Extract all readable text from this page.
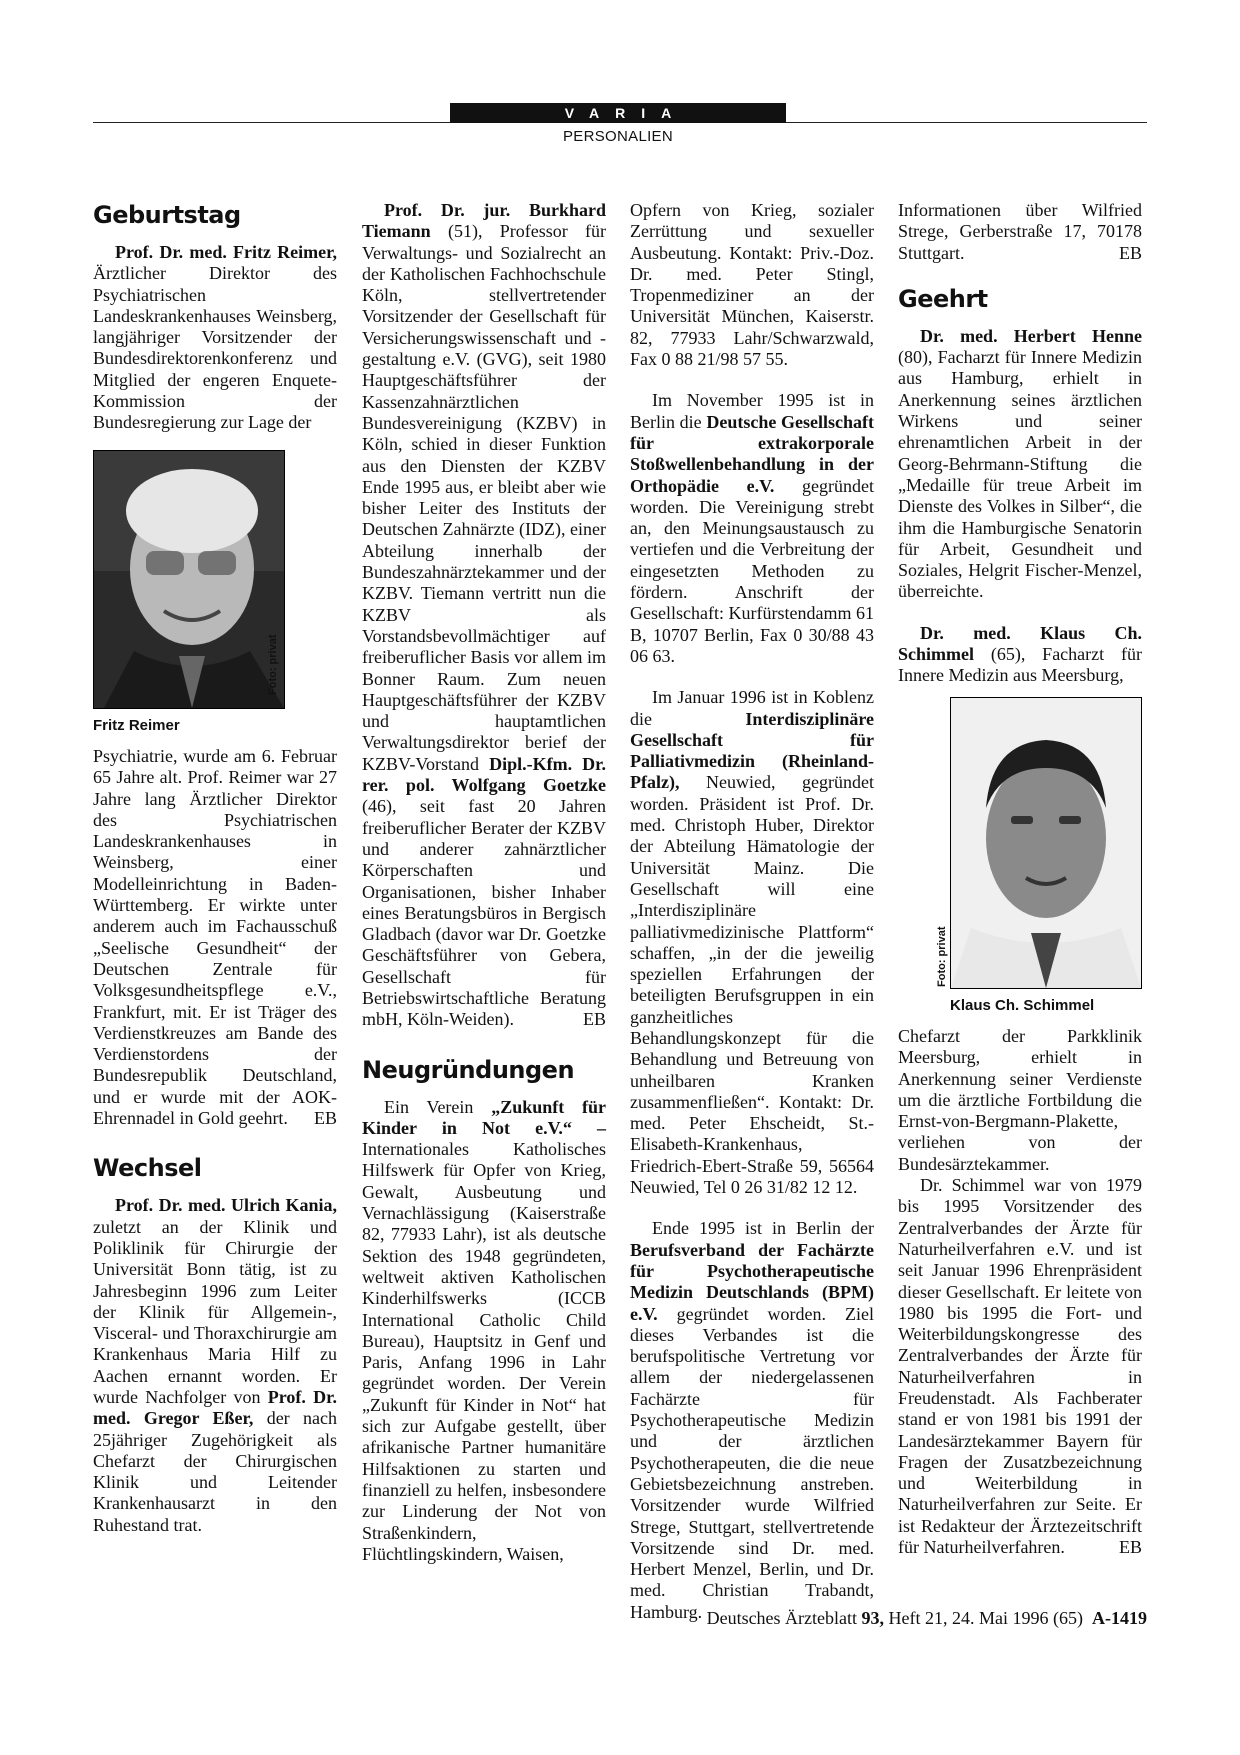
VARIA
PERSONALIEN
Geburtstag

Prof. Dr. med. Fritz Reimer, Ärztlicher Direktor des Psychiatrischen Landeskrankenhauses Weinsberg, langjähriger Vorsitzender der Bundesdirektorenkonferenz und Mitglied der engeren Enquete-Kommission der Bundesregierung zur Lage der

Foto: privat
Fritz Reimer

Psychiatrie, wurde am 6. Februar 65 Jahre alt. Prof. Reimer war 27 Jahre lang Ärztlicher Direktor des Psychiatrischen Landeskrankenhauses in Weinsberg, einer Modelleinrichtung in Baden-Württemberg. Er wirkte unter anderem auch im Fachausschuß „Seelische Gesundheit“ der Deutschen Zentrale für Volksgesundheitspflege e.V., Frankfurt, mit. Er ist Träger des Verdienstkreuzes am Bande des Verdienstordens der Bundesrepublik Deutschland, und er wurde mit der AOK-Ehrennadel in Gold geehrt. EB

Wechsel

Prof. Dr. med. Ulrich Kania, zuletzt an der Klinik und Poliklinik für Chirurgie der Universität Bonn tätig, ist zu Jahresbeginn 1996 zum Leiter der Klinik für Allgemein-, Visceral- und Thoraxchirurgie am Krankenhaus Maria Hilf zu Aachen ernannt worden. Er wurde Nachfolger von Prof. Dr. med. Gregor Eßer, der nach 25jähriger Zugehörigkeit als Chefarzt der Chirurgischen Klinik und Leitender Krankenhausarzt in den Ruhestand trat.

Prof. Dr. jur. Burkhard Tiemann (51), Professor für Verwaltungs- und Sozialrecht an der Katholischen Fachhochschule Köln, stellvertretender Vorsitzender der Gesellschaft für Versicherungswissenschaft und -gestaltung e.V. (GVG), seit 1980 Hauptgeschäftsführer der Kassenzahnärztlichen Bundesvereinigung (KZBV) in Köln, schied in dieser Funktion aus den Diensten der KZBV Ende 1995 aus, er bleibt aber wie bisher Leiter des Instituts der Deutschen Zahnärzte (IDZ), einer Abteilung innerhalb der Bundeszahnärztekammer und der KZBV. Tiemann vertritt nun die KZBV als Vorstandsbevollmächtiger auf freiberuflicher Basis vor allem im Bonner Raum. Zum neuen Hauptgeschäftsführer der KZBV und hauptamtlichen Verwaltungsdirektor berief der KZBV-Vorstand Dipl.-Kfm. Dr. rer. pol. Wolfgang Goetzke (46), seit fast 20 Jahren freiberuflicher Berater der KZBV und anderer zahnärztlicher Körperschaften und Organisationen, bisher Inhaber eines Beratungsbüros in Bergisch Gladbach (davor war Dr. Goetzke Geschäftsführer von Gebera, Gesellschaft für Betriebswirtschaftliche Beratung mbH, Köln-Weiden).	EB

Neugründungen

Ein Verein „Zukunft für Kinder in Not e.V.“ – Internationales Katholisches Hilfswerk für Opfer von Krieg, Gewalt, Ausbeutung und Vernachlässigung (Kaiserstraße 82, 77933 Lahr), ist als deutsche Sektion des 1948 gegründeten, weltweit aktiven Katholischen Kinderhilfswerks (ICCB International Catholic Child Bureau), Hauptsitz in Genf und Paris, Anfang 1996 in Lahr gegründet worden. Der Verein „Zukunft für Kinder in Not“ hat sich zur Aufgabe gestellt, über afrikanische Partner humanitäre Hilfsaktionen zu starten und finanziell zu helfen, insbesondere zur Linderung der Not von Straßenkindern, Flüchtlingskindern, Waisen,

Opfern von Krieg, sozialer Zerrüttung und sexueller Ausbeutung. Kontakt: Priv.-Doz. Dr. med. Peter Stingl, Tropenmediziner an der Universität München, Kaiserstr. 82, 77933 Lahr/Schwarzwald, Fax 0 88 21/98 57 55.

Im November 1995 ist in Berlin die Deutsche Gesellschaft für extrakorporale Stoßwellenbehandlung in der Orthopädie e.V. gegründet worden. Die Vereinigung strebt an, den Meinungsaustausch zu vertiefen und die Verbreitung der eingesetzten Methoden zu fördern. Anschrift der Gesellschaft: Kurfürstendamm 61 B, 10707 Berlin, Fax 0 30/88 43 06 63.

Im Januar 1996 ist in Koblenz die Interdisziplinäre Gesellschaft für Palliativmedizin (Rheinland-Pfalz), Neuwied, gegründet worden. Präsident ist Prof. Dr. med. Christoph Huber, Direktor der Abteilung Hämatologie der Universität Mainz. Die Gesellschaft will eine „Interdisziplinäre palliativmedizinische Plattform“ schaffen, „in der die jeweilig speziellen Erfahrungen der beteiligten Berufsgruppen in ein ganzheitliches Behandlungskonzept für die Behandlung und Betreuung von unheilbaren Kranken zusammenfließen“. Kontakt: Dr. med. Peter Ehscheidt, St.-Elisabeth-Krankenhaus, Friedrich-Ebert-Straße 59, 56564 Neuwied, Tel 0 26 31/82 12 12.

Ende 1995 ist in Berlin der Berufsverband der Fachärzte für Psychotherapeutische Medizin Deutschlands (BPM) e.V. gegründet worden. Ziel dieses Verbandes ist die berufspolitische Vertretung vor allem der niedergelassenen Fachärzte für Psychotherapeutische Medizin und der ärztlichen Psychotherapeuten, die die neue Gebietsbezeichnung anstreben. Vorsitzender wurde Wilfried Strege, Stuttgart, stellvertretende Vorsitzende sind Dr. med. Herbert Menzel, Berlin, und Dr. med. Christian Trabandt, Hamburg.

Informationen über Wilfried Strege, Gerberstraße 17, 70178 Stuttgart.	EB

Geehrt

Dr. med. Herbert Henne (80), Facharzt für Innere Medizin aus Hamburg, erhielt in Anerkennung seines ärztlichen Wirkens und seiner ehrenamtlichen Arbeit in der Georg-Behrmann-Stiftung die „Medaille für treue Arbeit im Dienste des Volkes in Silber“, die ihm die Hamburgische Senatorin für Arbeit, Gesundheit und Soziales, Helgrit Fischer-Menzel, überreichte.

Dr. med. Klaus Ch. Schimmel (65), Facharzt für Innere Medizin aus Meersburg,

Foto: privat
Klaus Ch. Schimmel

Chefarzt der Parkklinik Meersburg, erhielt in Anerkennung seiner Verdienste um die ärztliche Fortbildung die Ernst-von-Bergmann-Plakette, verliehen von der Bundesärztekammer.

Dr. Schimmel war von 1979 bis 1995 Vorsitzender des Zentralverbandes der Ärzte für Naturheilverfahren e.V. und ist seit Januar 1996 Ehrenpräsident dieser Gesellschaft. Er leitete von 1980 bis 1995 die Fort- und Weiterbildungskongresse des Zentralverbandes der Ärzte für Naturheilverfahren in Freudenstadt. Als Fachberater stand er von 1981 bis 1991 der Landesärztekammer Bayern für Fragen der Zusatzbezeichnung und Weiterbildung in Naturheilverfahren zur Seite. Er ist Redakteur der Ärztezeitschrift für Naturheilverfahren.	EB

Deutsches Ärzteblatt 93, Heft 21, 24. Mai 1996 (65) A-1419
